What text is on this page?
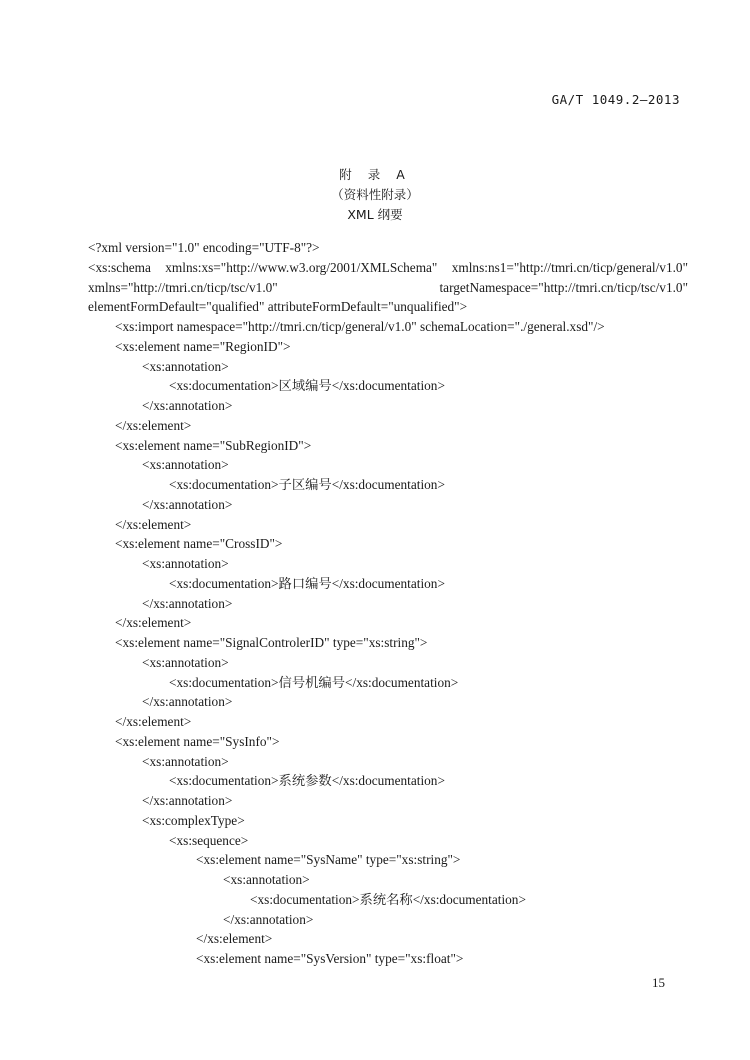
GA/T 1049.2—2013
附 录 A
（资料性附录）
XML 纲要
<?xml version="1.0" encoding="UTF-8"?>
<xs:schema xmlns:xs="http://www.w3.org/2001/XMLSchema" xmlns:ns1="http://tmri.cn/ticp/general/v1.0"
xmlns="http://tmri.cn/ticp/tsc/v1.0"	targetNamespace="http://tmri.cn/ticp/tsc/v1.0"
elementFormDefault="qualified" attributeFormDefault="unqualified">
<xs:import namespace="http://tmri.cn/ticp/general/v1.0" schemaLocation="./general.xsd"/>
<xs:element name="RegionID">
<xs:annotation>
<xs:documentation>区域编号</xs:documentation>
</xs:annotation>
</xs:element>
<xs:element name="SubRegionID">
<xs:annotation>
<xs:documentation>子区编号</xs:documentation>
</xs:annotation>
</xs:element>
<xs:element name="CrossID">
<xs:annotation>
<xs:documentation>路口编号</xs:documentation>
</xs:annotation>
</xs:element>
<xs:element name="SignalControlerID" type="xs:string">
<xs:annotation>
<xs:documentation>信号机编号</xs:documentation>
</xs:annotation>
</xs:element>
<xs:element name="SysInfo">
<xs:annotation>
<xs:documentation>系统参数</xs:documentation>
</xs:annotation>
<xs:complexType>
<xs:sequence>
<xs:element name="SysName" type="xs:string">
<xs:annotation>
<xs:documentation>系统名称</xs:documentation>
</xs:annotation>
</xs:element>
<xs:element name="SysVersion" type="xs:float">
15
